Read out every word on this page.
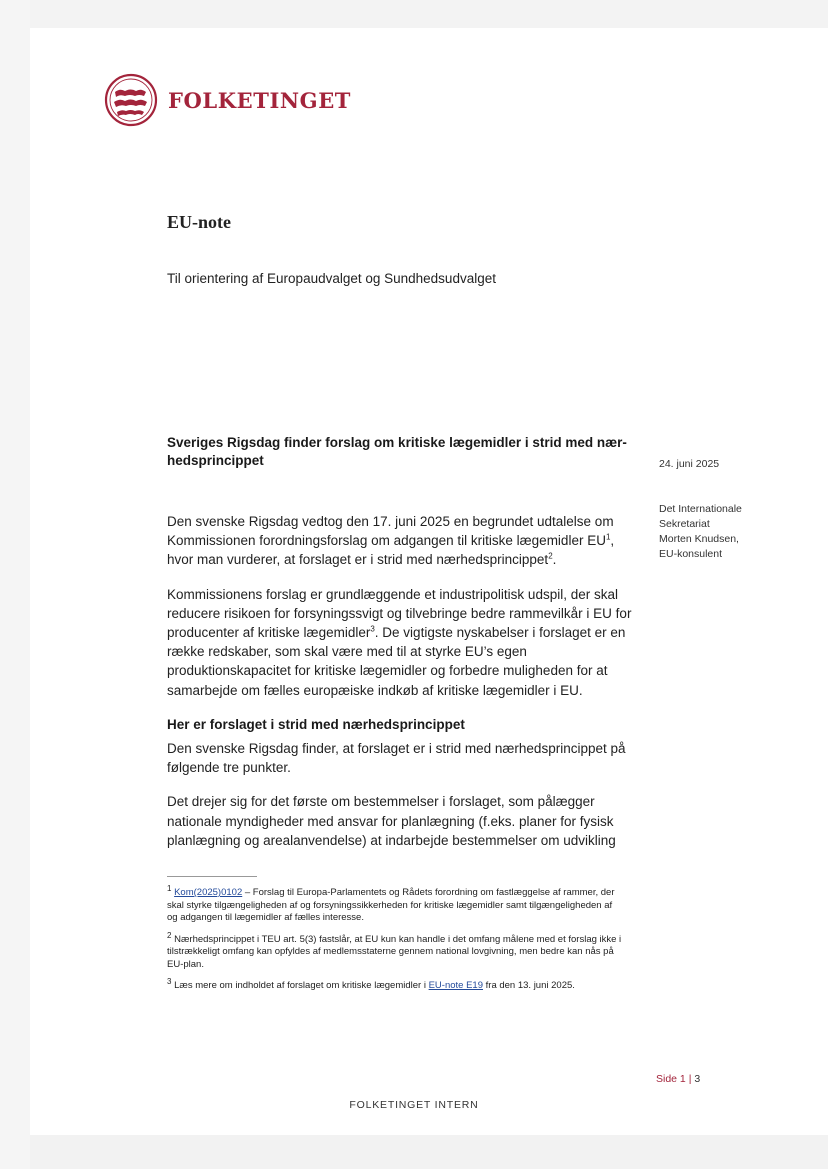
FOLKETINGET
EU-note
Til orientering af Europaudvalget og Sundhedsudvalget
Sveriges Rigsdag finder forslag om kritiske lægemidler i strid med nær-hedsprincippet	24. juni 2025
Det Internationale
Sekretariat
Morten Knudsen,
EU-konsulent

Den svenske Rigsdag vedtog den 17. juni 2025 en begrundet udtalelse om Kommissionen forordningsforslag om adgangen til kritiske lægemidler $EU^1$, hvor man vurderer, at forslaget er i strid med nærhedsprincippet$^2$.

Kommissionens forslag er grundlæggende et industripolitisk udspil, der skal reducere risikoen for forsyningssvigt og tilvebringe bedre rammevilkår i EU for producenter af kritiske lægemidler$^3$. De vigtigste nyskabelser i forslaget er en række redskaber, som skal være med til at styrke EU’s egen produktionskapacitet for kritiske lægemidler og forbedre muligheden for at samarbejde om fælles europæiske indkøb af kritiske lægemidler i EU.

Her er forslaget i strid med nærhedsprincippet

Den svenske Rigsdag finder, at forslaget er i strid med nærhedsprincippet på følgende tre punkter.

Det drejer sig for det første om bestemmelser i forslaget, som pålægger nationale myndigheder med ansvar for planlægning (f.eks. planer for fysisk planlægning og arealanvendelse) at indarbejde bestemmelser om udvikling

$^1$ Kom(2025)0102 – Forslag til Europa-Parlamentets og Rådets forordning om fastlæggelse af rammer, der skal styrke tilgængeligheden af og forsyningssikkerheden for kritiske lægemidler samt tilgængeligheden af og adgangen til lægemidler af fælles interesse.
$^2$ Nærhedsprincippet i TEU art. 5(3) fastslår, at EU kun kan handle i det omfang målene med et forslag ikke i tilstrækkeligt omfang kan opfyldes af medlemsstaterne gennem national lovgivning, men bedre kan nås på EU-plan.
$^3$ Læs mere om indholdet af forslaget om kritiske lægemidler i EU-note E19 fra den 13. juni 2025.
Side 1 | 3
FOLKETINGET INTERN
